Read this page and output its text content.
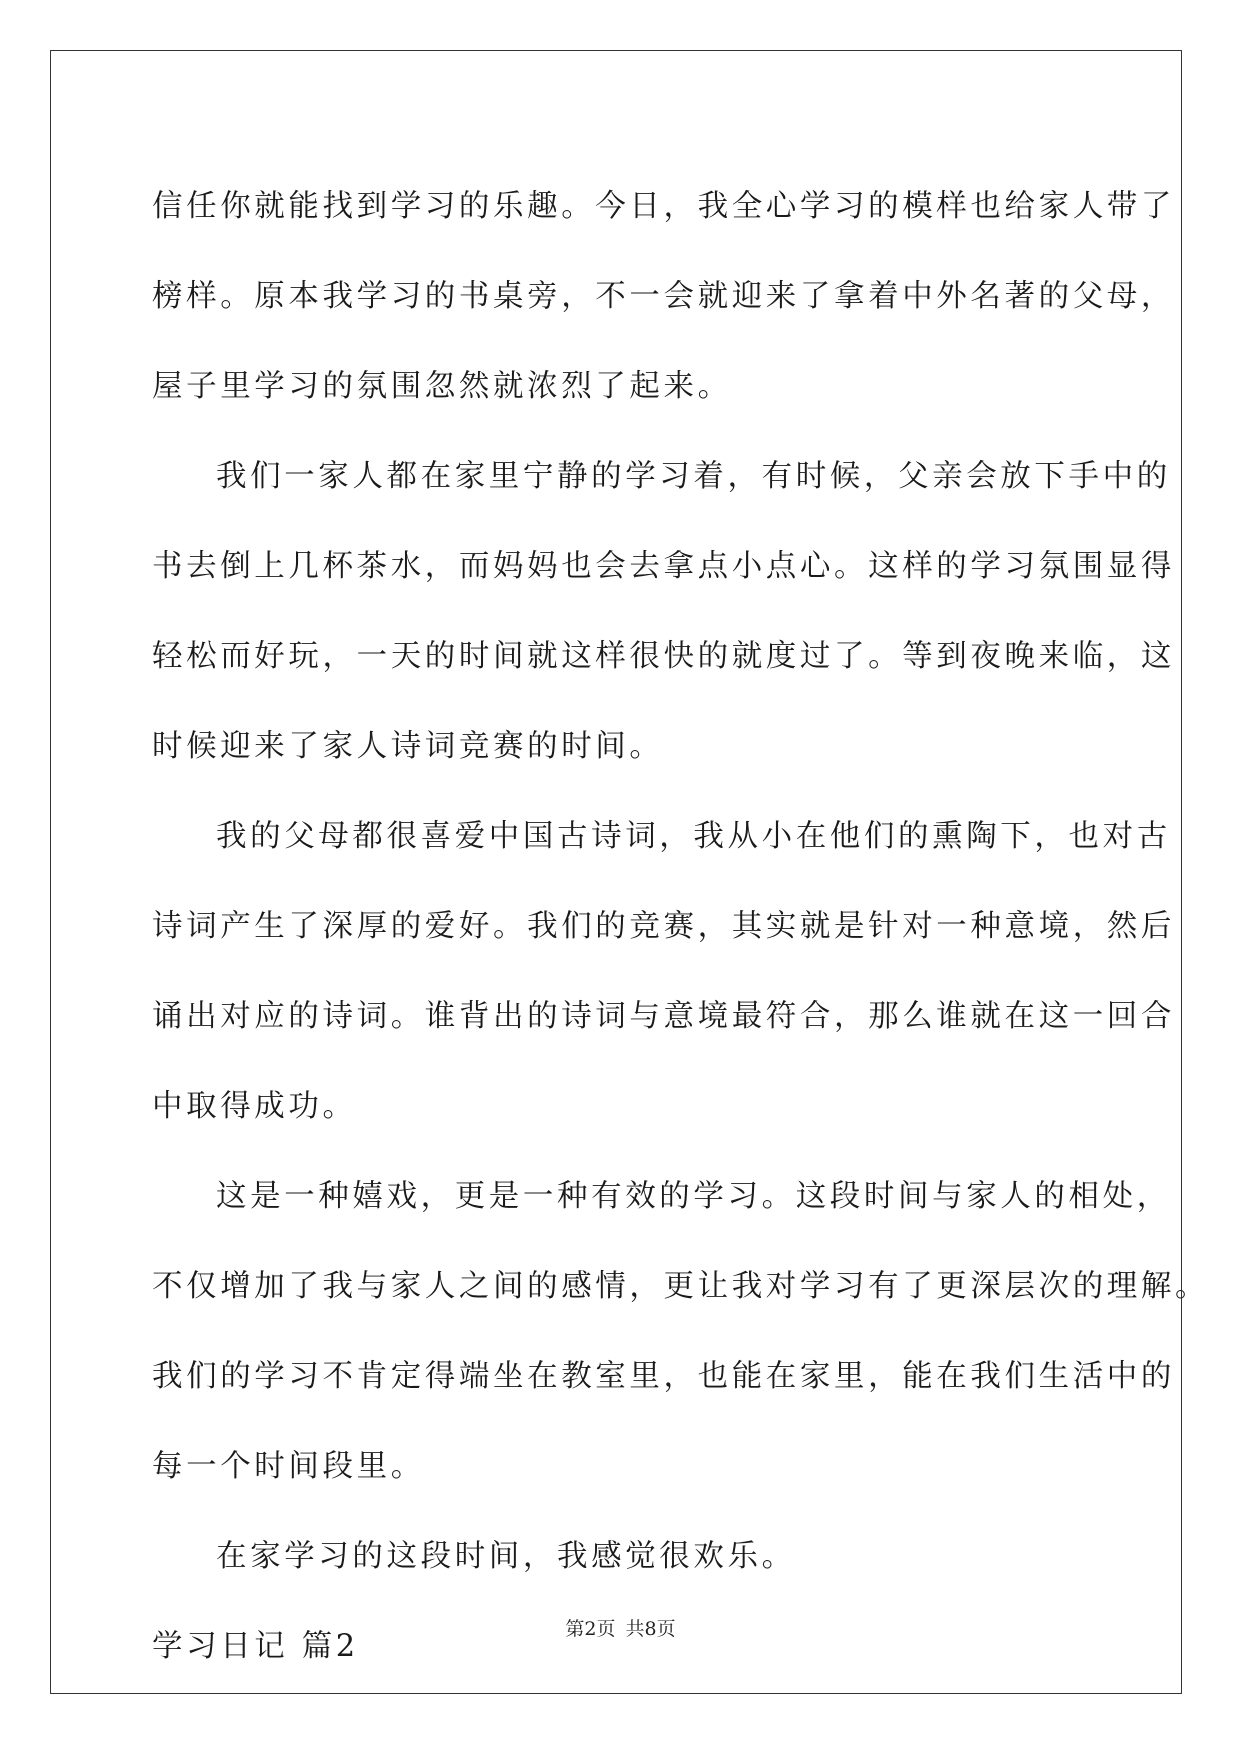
信任你就能找到学习的乐趣。今日，我全心学习的模样也给家人带了
榜样。原本我学习的书桌旁，不一会就迎来了拿着中外名著的父母，
屋子里学习的氛围忽然就浓烈了起来。
我们一家人都在家里宁静的学习着，有时候，父亲会放下手中的
书去倒上几杯茶水，而妈妈也会去拿点小点心。这样的学习氛围显得
轻松而好玩，一天的时间就这样很快的就度过了。等到夜晚来临，这
时候迎来了家人诗词竞赛的时间。
我的父母都很喜爱中国古诗词，我从小在他们的熏陶下，也对古
诗词产生了深厚的爱好。我们的竞赛，其实就是针对一种意境，然后
诵出对应的诗词。谁背出的诗词与意境最符合，那么谁就在这一回合
中取得成功。
这是一种嬉戏，更是一种有效的学习。这段时间与家人的相处，
不仅增加了我与家人之间的感情，更让我对学习有了更深层次的理解。
我们的学习不肯定得端坐在教室里，也能在家里，能在我们生活中的
每一个时间段里。
在家学习的这段时间，我感觉很欢乐。
学习日记 篇2	第2页 共8页
